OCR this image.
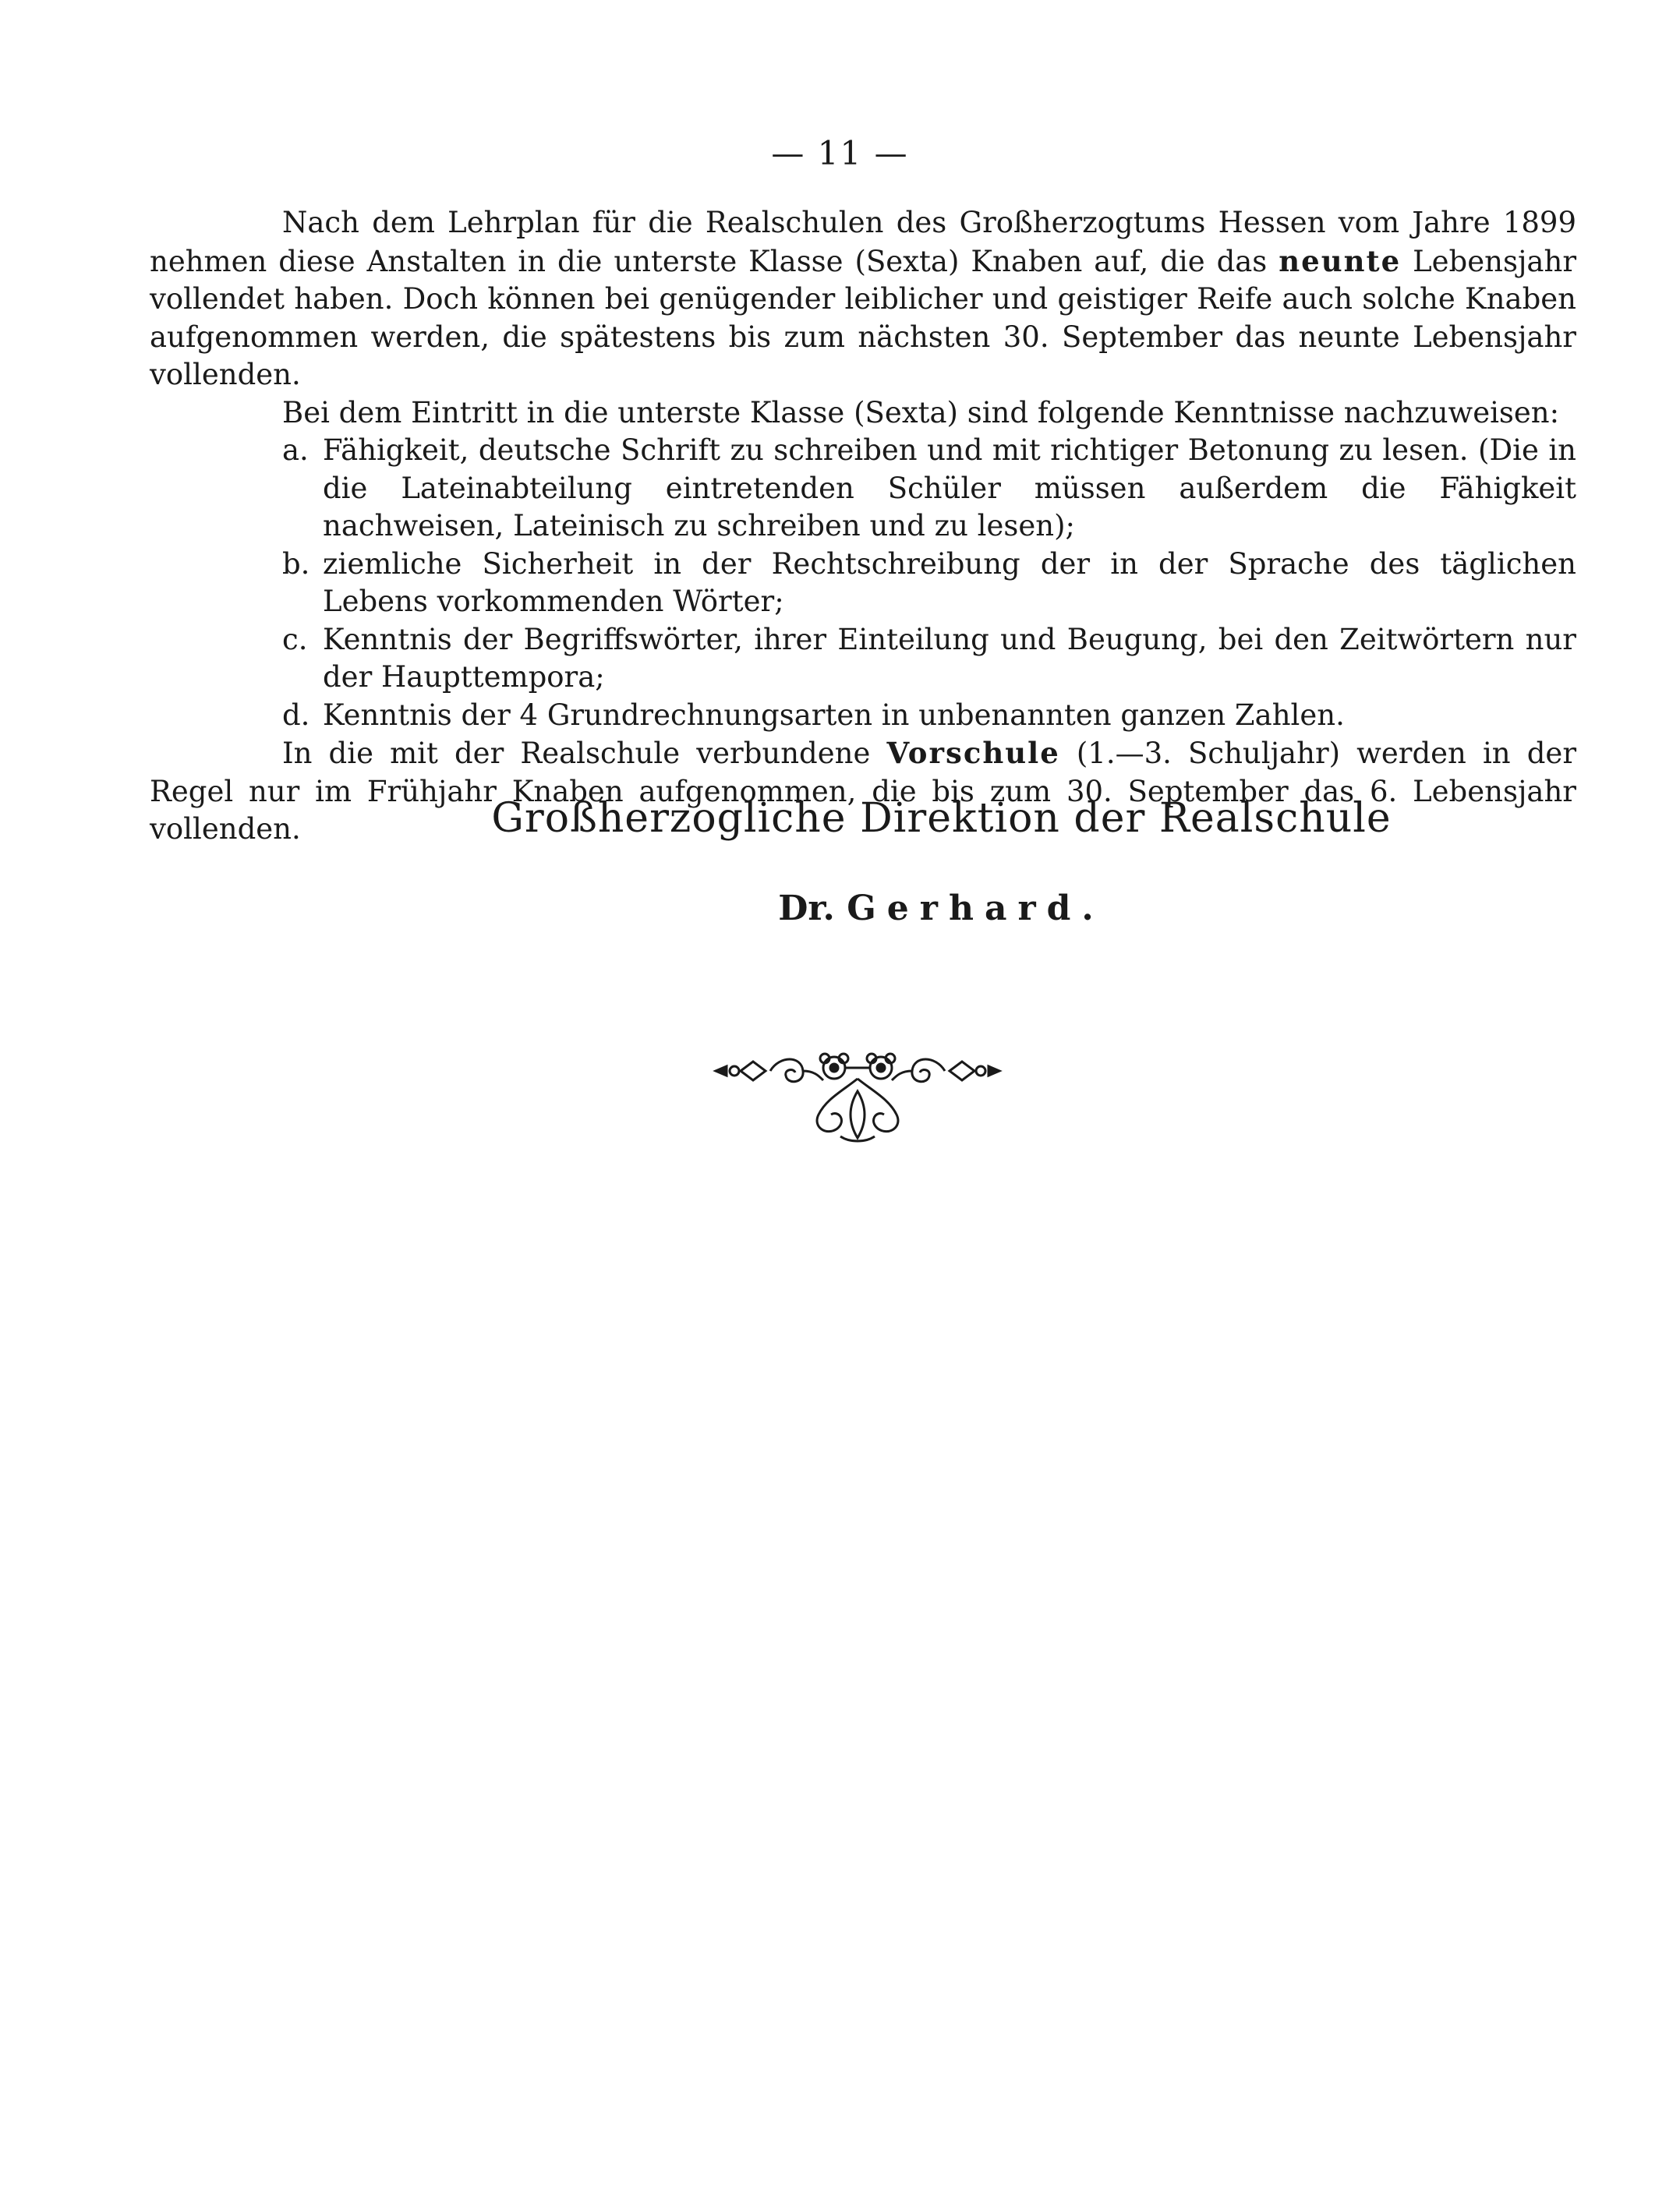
— 11 —

Nach dem Lehrplan für die Realschulen des Großherzogtums Hessen vom Jahre 1899 nehmen diese Anstalten in die unterste Klasse (Sexta) Knaben auf, die das neunte Lebensjahr vollendet haben. Doch können bei genügender leiblicher und geistiger Reife auch solche Knaben aufgenommen werden, die spätestens bis zum nächsten 30. September das neunte Lebensjahr vollenden.

Bei dem Eintritt in die unterste Klasse (Sexta) sind folgende Kenntnisse nachzuweisen:

a. Fähigkeit, deutsche Schrift zu schreiben und mit richtiger Betonung zu lesen. (Die in die Lateinabteilung eintretenden Schüler müssen außerdem die Fähigkeit nachweisen, Lateinisch zu schreiben und zu lesen);

b. ziemliche Sicherheit in der Rechtschreibung der in der Sprache des täglichen Lebens vorkommenden Wörter;

c. Kenntnis der Begriffswörter, ihrer Einteilung und Beugung, bei den Zeitwörtern nur der Haupttempora;

d. Kenntnis der 4 Grundrechnungsarten in unbenannten ganzen Zahlen.

In die mit der Realschule verbundene Vorschule (1.—3. Schuljahr) werden in der Regel nur im Frühjahr Knaben aufgenommen, die bis zum 30. September das 6. Lebensjahr vollenden.	Großherzogliche Direktion der Realschule
Dr. Gerhard.
